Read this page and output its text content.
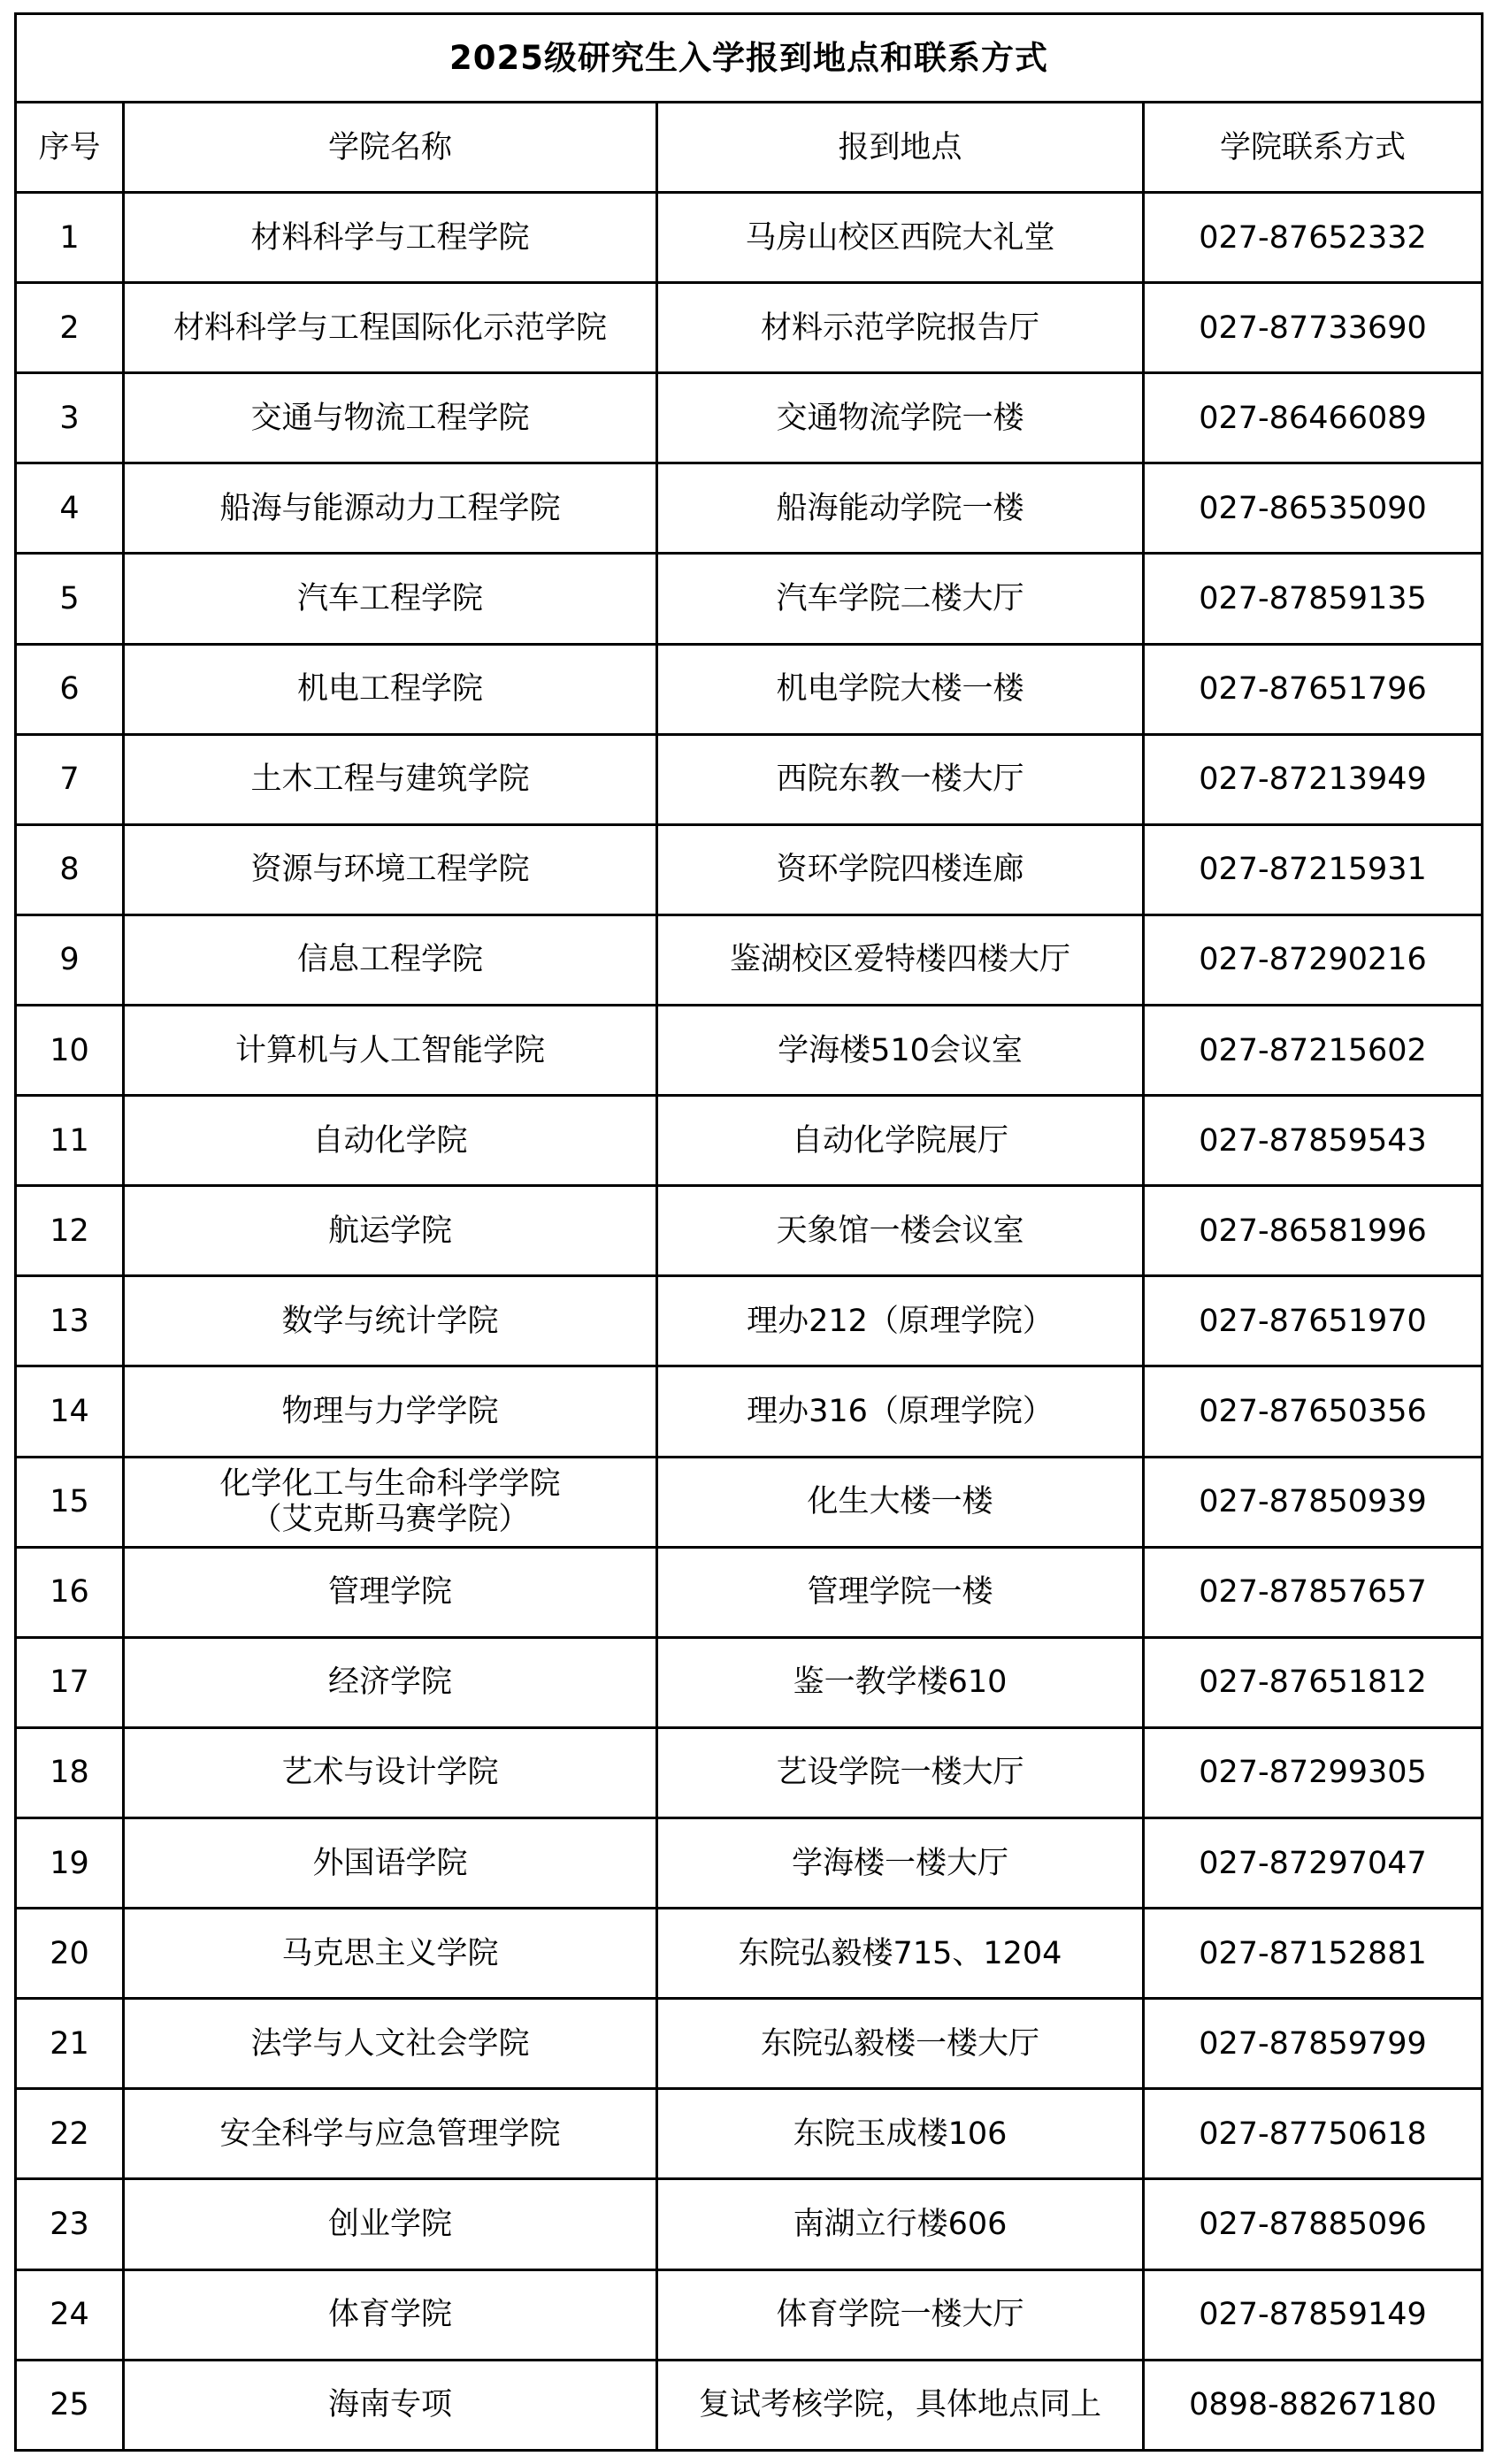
2025级研究生入学报到地点和联系方式			
序号	学院名称	报到地点	学院联系方式
1	材料科学与工程学院	马房山校区西院大礼堂	027-87652332
2	材料科学与工程国际化示范学院	材料示范学院报告厅	027-87733690
3	交通与物流工程学院	交通物流学院一楼	027-86466089
4	船海与能源动力工程学院	船海能动学院一楼	027-86535090
5	汽车工程学院	汽车学院二楼大厅	027-87859135
6	机电工程学院	机电学院大楼一楼	027-87651796
7	土木工程与建筑学院	西院东教一楼大厅	027-87213949
8	资源与环境工程学院	资环学院四楼连廊	027-87215931
9	信息工程学院	鉴湖校区爱特楼四楼大厅	027-87290216
10	计算机与人工智能学院	学海楼510会议室	027-87215602
11	自动化学院	自动化学院展厅	027-87859543
12	航运学院	天象馆一楼会议室	027-86581996
13	数学与统计学院	理办212（原理学院）	027-87651970
14	物理与力学学院	理办316（原理学院）	027-87650356
15	化学化工与生命科学学院
（艾克斯马赛学院）	化生大楼一楼	027-87850939
16	管理学院	管理学院一楼	027-87857657
17	经济学院	鉴一教学楼610	027-87651812
18	艺术与设计学院	艺设学院一楼大厅	027-87299305
19	外国语学院	学海楼一楼大厅	027-87297047
20	马克思主义学院	东院弘毅楼715、1204	027-87152881
21	法学与人文社会学院	东院弘毅楼一楼大厅	027-87859799
22	安全科学与应急管理学院	东院玉成楼106	027-87750618
23	创业学院	南湖立行楼606	027-87885096
24	体育学院	体育学院一楼大厅	027-87859149
25	海南专项	复试考核学院，具体地点同上	0898-88267180
